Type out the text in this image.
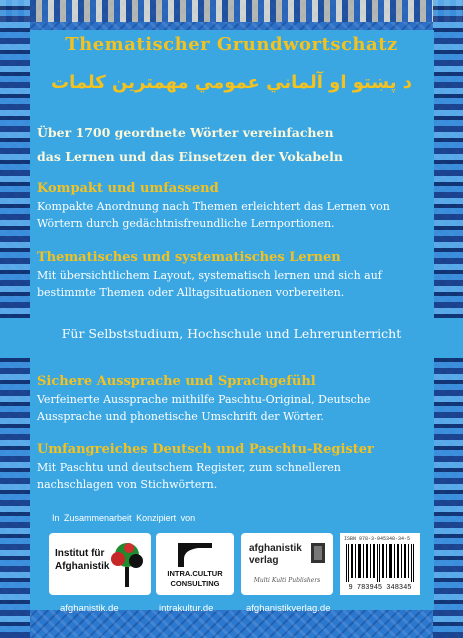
Thematischer Grundwortschatz
د پښتو او آلماني عمومي مهمترين کلمات
Über 1700 geordnete Wörter vereinfachen
das Lernen und das Einsetzen der Vokabeln
Kompakt und umfassend
Kompakte Anordnung nach Themen erleichtert das Lernen von Wörtern durch gedächtnisfreundliche Lernportionen.
Thematisches und systematisches Lernen
Mit übersichtlichem Layout, systematisch lernen und sich auf bestimmte Themen oder Alltagsituationen vorbereiten.
Für Selbststudium, Hochschule und Lehrerunterricht
Sichere Aussprache und Sprachgefühl
Verfeinerte Aussprache mithilfe Paschtu-Original, Deutsche Aussprache und phonetische Umschrift der Wörter.
Umfangreiches Deutsch und Paschtu-Register
Mit Paschtu und deutschem Register, zum schnelleren nachschlagen von Stichwörtern.
In Zusammenarbeit Konzipiert von
Institut für
Afghanistik
INTRA.CULTUR
CONSULTING
afghanistik
verlag
Multi Kulti Publishers
ISBN 978-3-945348-34-5
9 783945 348345
afghanistik.de	intrakultur.de	afghanistikverlag.de
